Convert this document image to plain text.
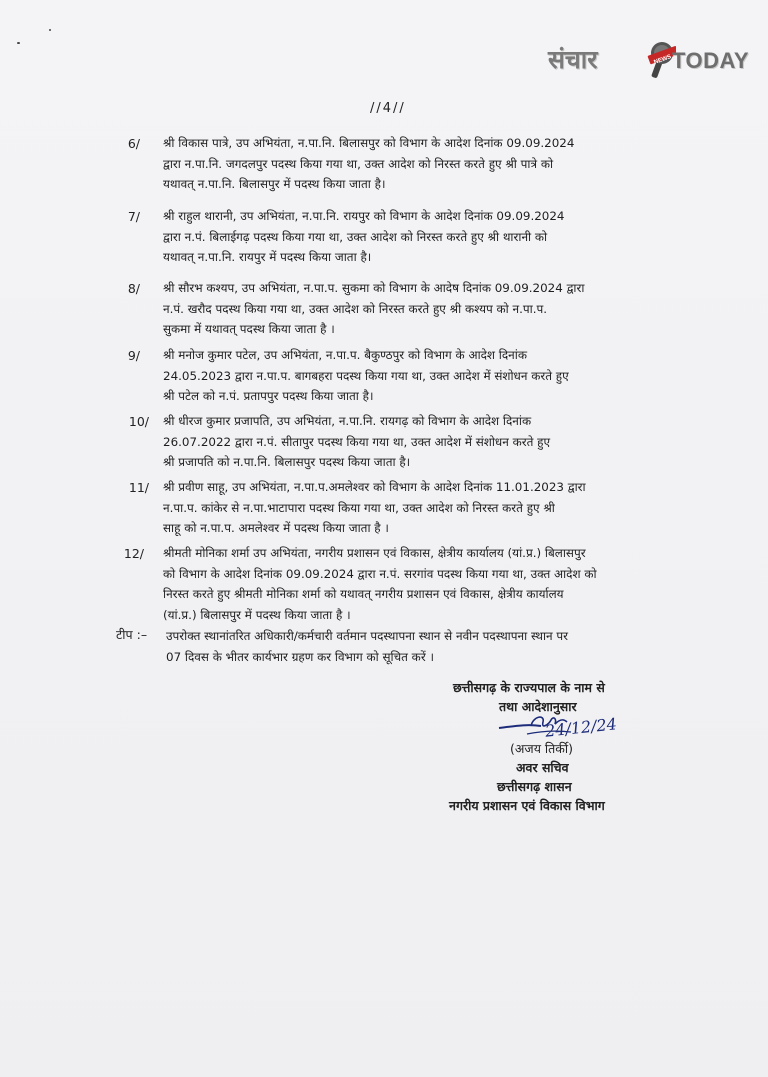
संचार	NEWS TODAY
//4//
6/ श्री विकास पात्रे, उप अभियंता, न.पा.नि. बिलासपुर को विभाग के आदेश दिनांक 09.09.2024
द्वारा न.पा.नि. जगदलपुर पदस्थ किया गया था, उक्त आदेश को निरस्त करते हुए श्री पात्रे को
यथावत् न.पा.नि. बिलासपुर में पदस्थ किया जाता है।
7/ श्री राहुल थारानी, उप अभियंता, न.पा.नि. रायपुर को विभाग के आदेश दिनांक 09.09.2024
द्वारा न.पं. बिलाईगढ़ पदस्थ किया गया था, उक्त आदेश को निरस्त करते हुए श्री थारानी को
यथावत् न.पा.नि. रायपुर में पदस्थ किया जाता है।
8/ श्री सौरभ कश्यप, उप अभियंता, न.पा.प. सुकमा को विभाग के आदेष दिनांक 09.09.2024 द्वारा
न.पं. खरौद पदस्थ किया गया था, उक्त आदेश को निरस्त करते हुए श्री कश्यप को न.पा.प.
सुकमा में यथावत् पदस्थ किया जाता है ।
9/ श्री मनोज कुमार पटेल, उप अभियंता, न.पा.प. बैकुण्ठपुर को विभाग के आदेश दिनांक
24.05.2023 द्वारा न.पा.प. बागबहरा पदस्थ किया गया था, उक्त आदेश में संशोधन करते हुए
श्री पटेल को न.पं. प्रतापपुर पदस्थ किया जाता है।
10/ श्री धीरज कुमार प्रजापति, उप अभियंता, न.पा.नि. रायगढ़ को विभाग के आदेश दिनांक
26.07.2022 द्वारा न.पं. सीतापुर पदस्थ किया गया था, उक्त आदेश में संशोधन करते हुए
श्री प्रजापति को न.पा.नि. बिलासपुर पदस्थ किया जाता है।
11/ श्री प्रवीण साहू, उप अभियंता, न.पा.प.अमलेश्वर को विभाग के आदेश दिनांक 11.01.2023 द्वारा
न.पा.प. कांकेर से न.पा.भाटापारा पदस्थ किया गया था, उक्त आदेश को निरस्त करते हुए श्री
साहू को न.पा.प. अमलेश्वर में पदस्थ किया जाता है ।
12/ श्रीमती मोनिका शर्मा उप अभियंता, नगरीय प्रशासन एवं विकास, क्षेत्रीय कार्यालय (यां.प्र.) बिलासपुर
को विभाग के आदेश दिनांक 09.09.2024 द्वारा न.पं. सरगांव पदस्थ किया गया था, उक्त आदेश को
निरस्त करते हुए श्रीमती मोनिका शर्मा को यथावत् नगरीय प्रशासन एवं विकास, क्षेत्रीय कार्यालय
(यां.प्र.) बिलासपुर में पदस्थ किया जाता है ।
टीप :– उपरोक्त स्थानांतरित अधिकारी/कर्मचारी वर्तमान पदस्थापना स्थान से नवीन पदस्थापना स्थान पर
07 दिवस के भीतर कार्यभार ग्रहण कर विभाग को सूचित करें ।
छत्तीसगढ़ के राज्यपाल के नाम से
तथा आदेशानुसार
24/12/24
(अजय तिर्की)
अवर सचिव
छत्तीसगढ़ शासन
नगरीय प्रशासन एवं विकास विभाग
